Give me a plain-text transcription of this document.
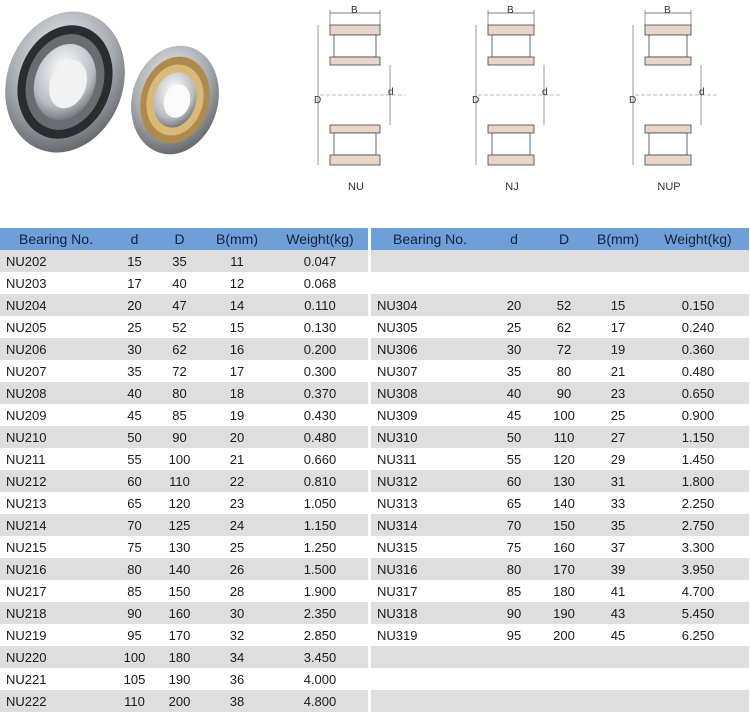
B
D
d
NU
B
D
d
NJ
B
D
d
NUP
Bearing No.	d	D	B(mm)	Weight(kg)
NU202	15	35	11	0.047
NU203	17	40	12	0.068
NU204	20	47	14	0.110
NU205	25	52	15	0.130
NU206	30	62	16	0.200
NU207	35	72	17	0.300
NU208	40	80	18	0.370
NU209	45	85	19	0.430
NU210	50	90	20	0.480
NU211	55	100	21	0.660
NU212	60	110	22	0.810
NU213	65	120	23	1.050
NU214	70	125	24	1.150
NU215	75	130	25	1.250
NU216	80	140	26	1.500
NU217	85	150	28	1.900
NU218	90	160	30	2.350
NU219	95	170	32	2.850
NU220	100	180	34	3.450
NU221	105	190	36	4.000
NU222	110	200	38	4.800
Bearing No.	d	D	B(mm)	Weight(kg)

NU304	20	52	15	0.150
NU305	25	62	17	0.240
NU306	30	72	19	0.360
NU307	35	80	21	0.480
NU308	40	90	23	0.650
NU309	45	100	25	0.900
NU310	50	110	27	1.150
NU311	55	120	29	1.450
NU312	60	130	31	1.800
NU313	65	140	33	2.250
NU314	70	150	35	2.750
NU315	75	160	37	3.300
NU316	80	170	39	3.950
NU317	85	180	41	4.700
NU318	90	190	43	5.450
NU319	95	200	45	6.250
